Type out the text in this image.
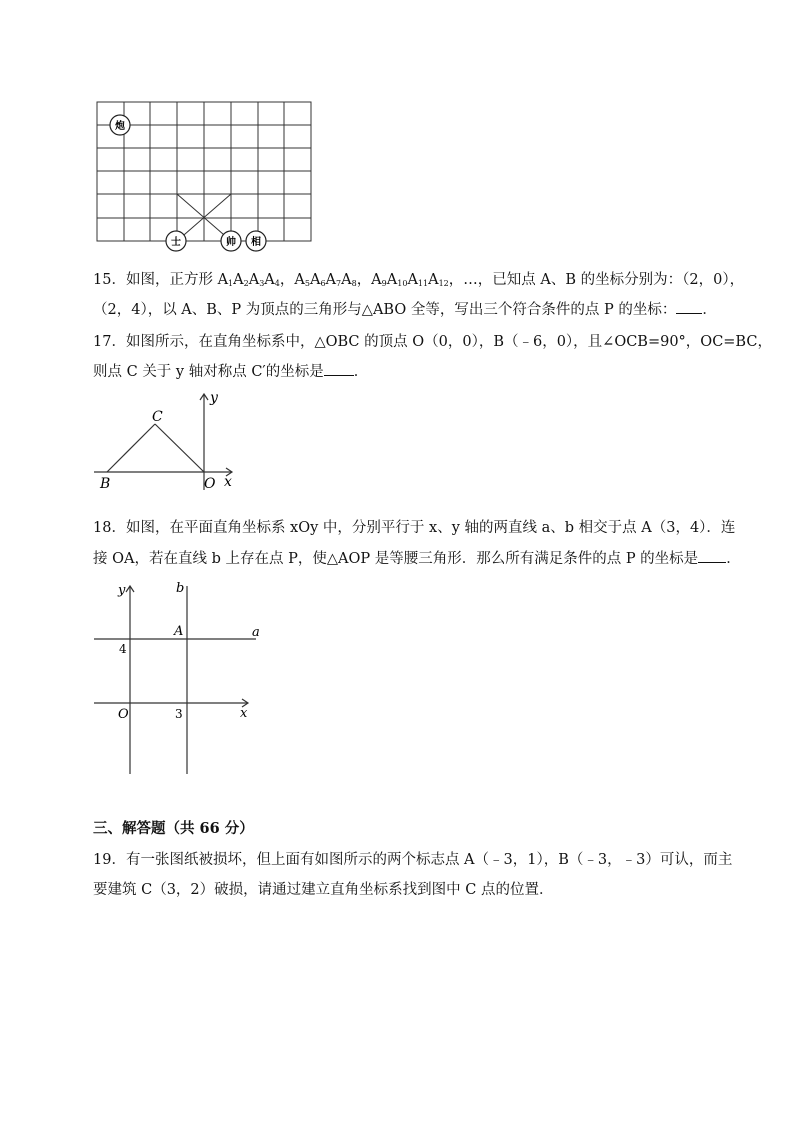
炮
士	帅 相
15．如图，正方形 $A_1A_2A_3A_4$，$A_5A_6A_7A_8$，$A_9A_{10}A_{11}A_{12}$，…，已知点 A、B 的坐标分别为：（2，0），
（2，4），以 A、B、P 为顶点的三角形与△ABO 全等，写出三个符合条件的点 P 的坐标： ．
17．如图所示，在直角坐标系中，△OBC 的顶点 O（0，0），B（﹣6，0），且∠OCB=90°，OC=BC，
则点 C 关于 y 轴对称点 C′的坐标是 ．
C
B	O x
y
18．如图，在平面直角坐标系 xOy 中，分别平行于 x、y 轴的两直线 a、b 相交于点 A（3，4）．连
接 OA，若在直线 b 上存在点 P，使△AOP 是等腰三角形．那么所有满足条件的点 P 的坐标是 ．
y	b
a
A
4
O	3	x
三、解答题（共 66 分）
19．有一张图纸被损坏，但上面有如图所示的两个标志点 A（﹣3，1），B（﹣3，﹣3）可认，而主
要建筑 C（3，2）破损，请通过建立直角坐标系找到图中 C 点的位置．
